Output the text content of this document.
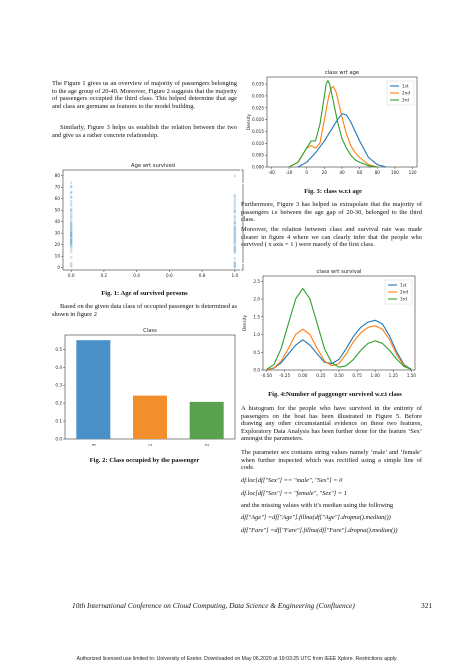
The Figure 1 gives us an overview of majority of passengers belonging to the age group of 20-40. Moreover, Figure 2 suggests that the majority of passengers occupied the third class. This helped determine that age and class are germane as features to the model building.

Similarly, Figure 3 helps us establish the relation between the two and give us a rather concrete relationship.

0.0	0.2	0.4	0.6	0.8	1.0
0
10
20
30
40
50
60
70
80
Age wrt survived

Fig. 1: Age of survived persons

Based on the given data class of occupied passenger is determined as shown in figure 2

0.0
0.1
0.2
0.3
0.4
0.5
Class
3	1	2

Fig. 2: Class occupied by the passenger

-40	-20	0	20	40	60	80	100 120
0.000
0.005
0.010
0.015
0.020
0.025
0.030
0.035
class wrt age
Density
1st
2nd
3rd

Fig. 3: class w.r.t age

Furthermore, Figure 3 has helped us extrapolate that the majority of passengers i.e between the age gap of 20-30, belonged to the third class.

Moreover, the relation between class and survival rate was made clearer in figure 4 where we can clearly infer that the people who survived ( x axis = 1 ) were maorly of the first class.

-0.50 -0.25 0.00 0.25 0.50 0.75 1.00 1.25 1.50
0.0
0.5
1.0
1.5
2.0
2.5
class wrt survival
Density
1st
2nd
3rd

Fig. 4:Number of paggenger survived w.r.t class

A histogram for the people who have survived in the entirety of passengers on the boat has been illustrated in Figure 5. Before drawing any other circumstantial evidence on these two features, Exploratory Data Analysis has been further done for the feature ‘Sex’ amongst the parameters.

The parameter sex contains string values namely ‘male’ and ‘female’ when further inspected which was rectified using a simple line of code.

df.loc[df["Sex"] == "male", "Sex"] = 0

df.loc[df["Sex"] == "female", "Sex"] = 1

and the missing values with it’s median using the following

df["Age"] =df["Age"].fillna(df["Age"].dropna().median())

df["Fare"] =df["Fare"].fillna(df["Fare"].dropna().median())

10th International Conference on Cloud Computing, Data Science & Engineering (Confluence)	321

Authorized licensed use limited to: University of Exeter. Downloaded on May 06,2020 at 19:03:25 UTC from IEEE Xplore. Restrictions apply.
